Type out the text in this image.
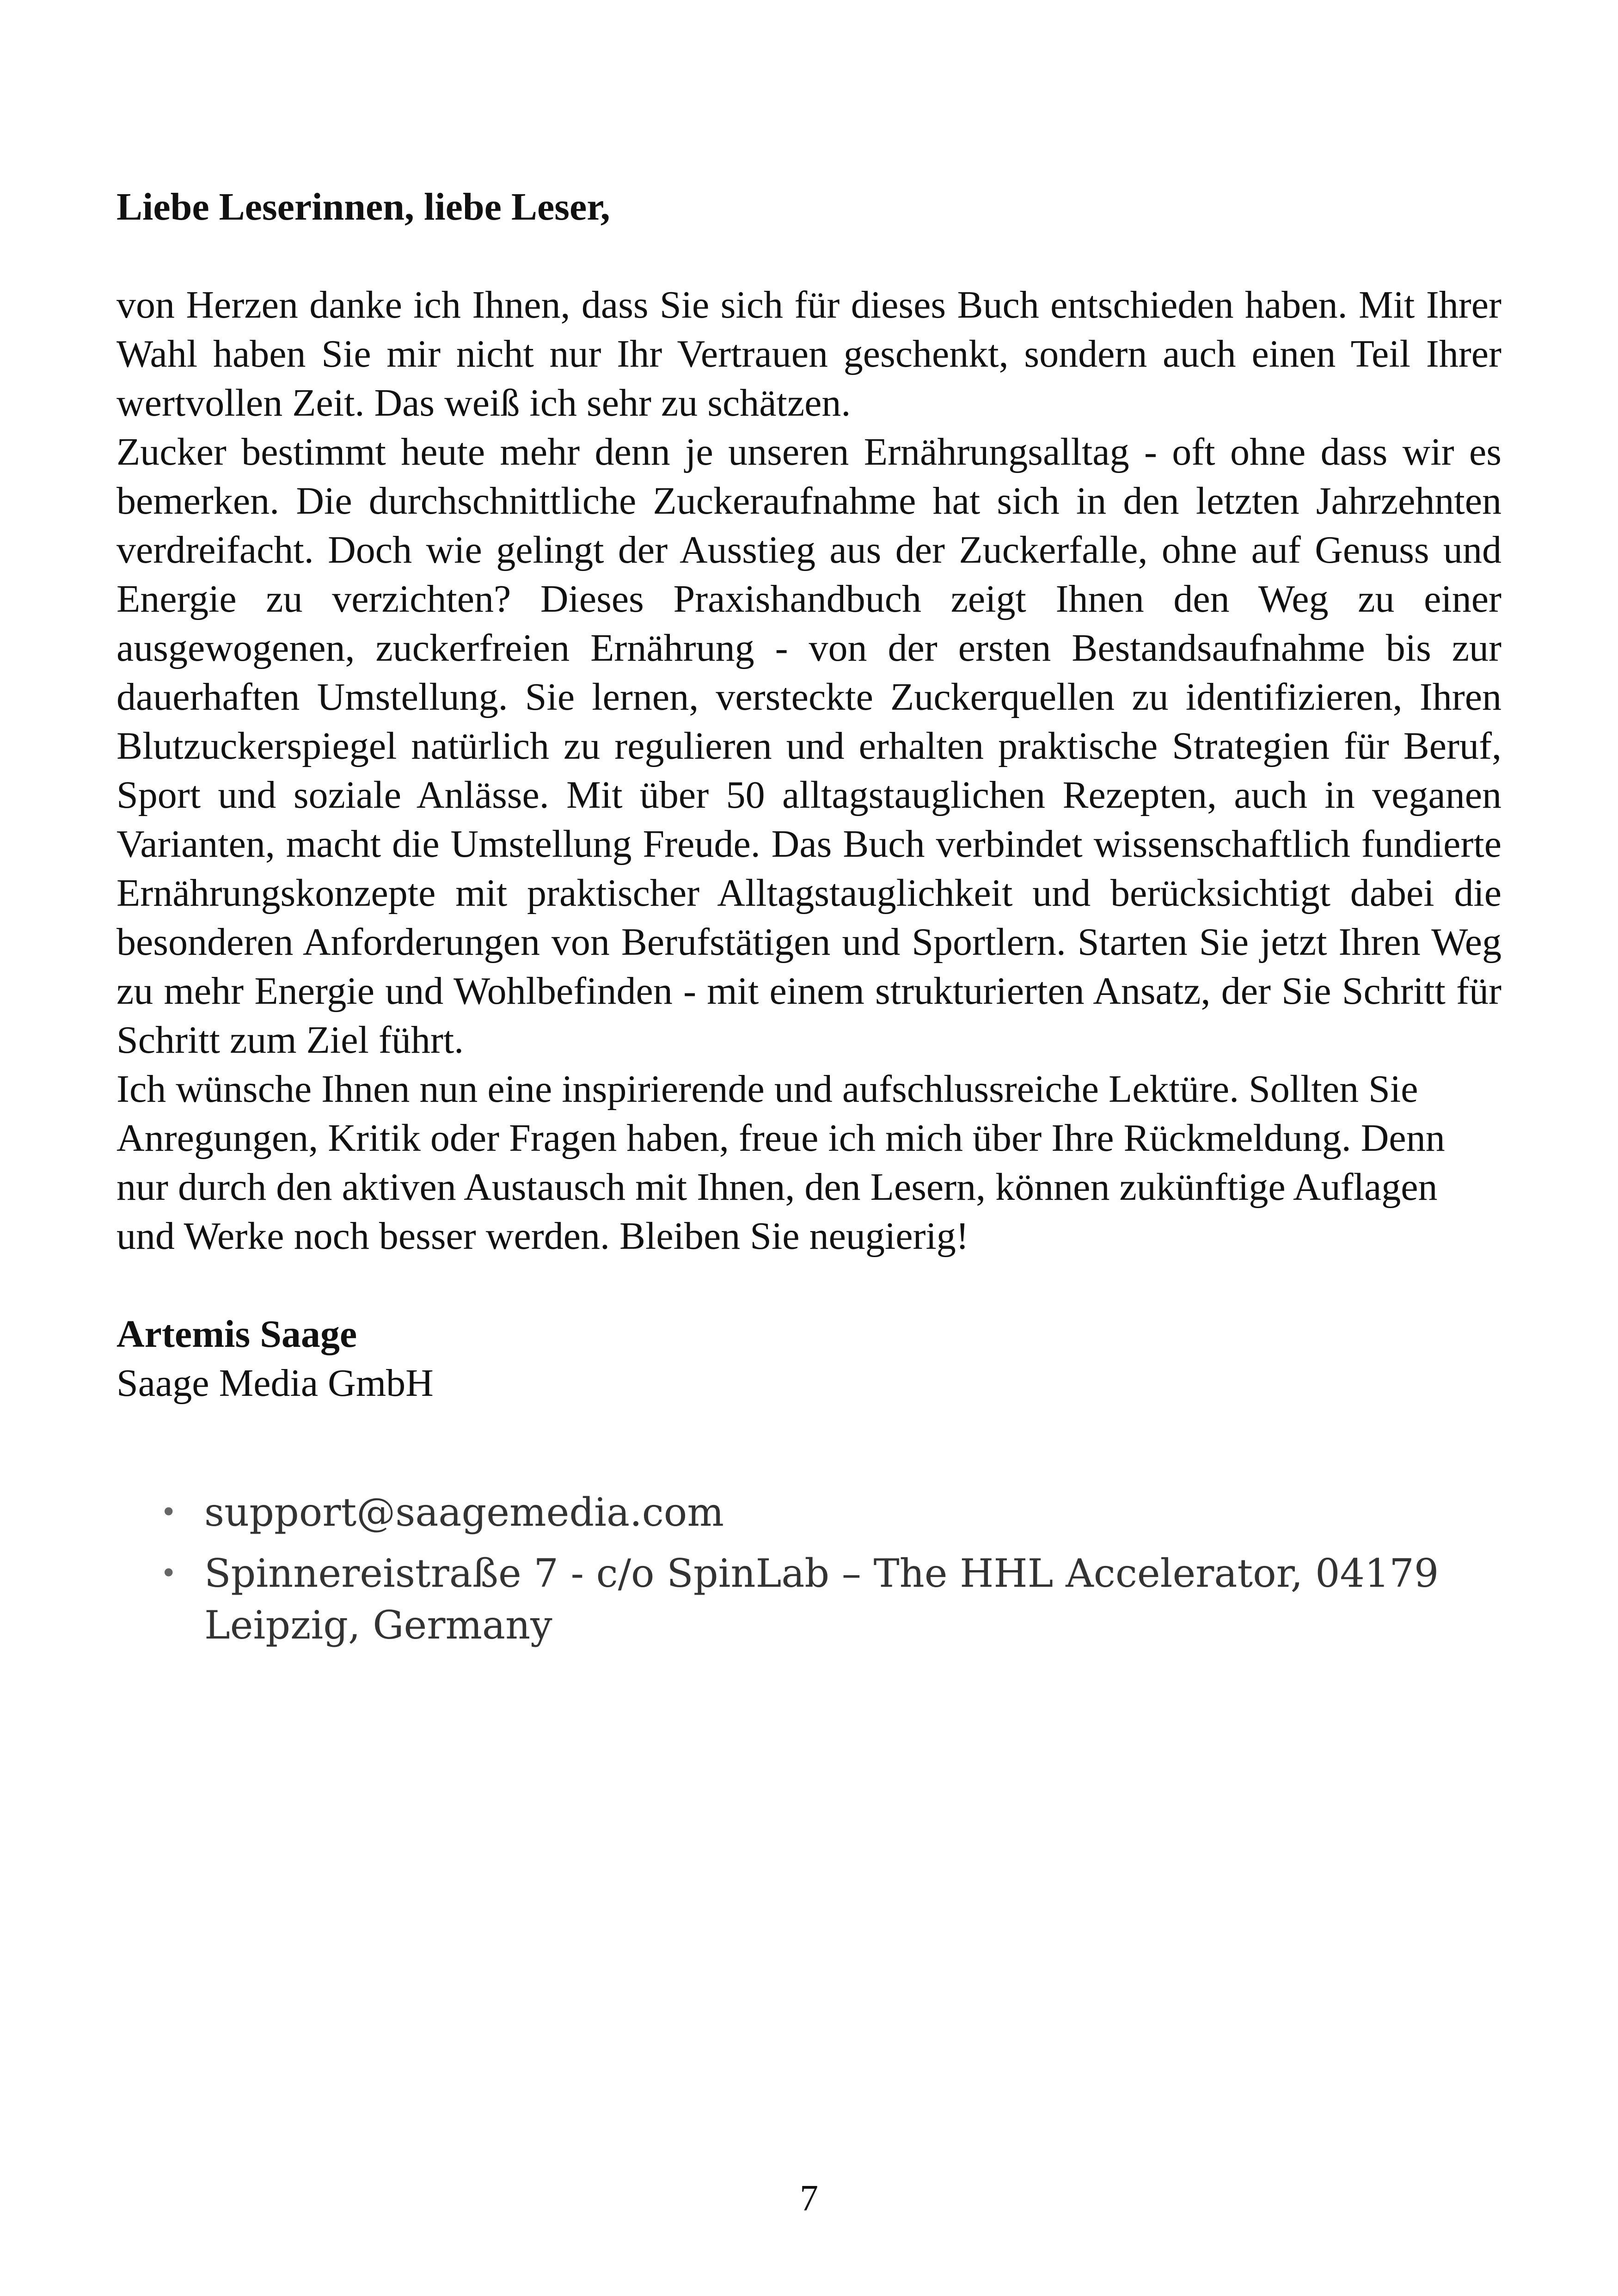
Liebe Leserinnen, liebe Leser,

von Herzen danke ich Ihnen, dass Sie sich für dieses Buch entschieden haben. Mit Ihrer Wahl haben Sie mir nicht nur Ihr Vertrauen geschenkt, sondern auch einen Teil Ihrer wertvollen Zeit. Das weiß ich sehr zu schätzen.

Zucker bestimmt heute mehr denn je unseren Ernährungsalltag - oft ohne dass wir es bemerken. Die durchschnittliche Zuckeraufnahme hat sich in den letzten Jahrzehnten verdreifacht. Doch wie gelingt der Ausstieg aus der Zuckerfalle, ohne auf Genuss und Energie zu verzichten? Dieses Praxishandbuch zeigt Ihnen den Weg zu einer ausgewogenen, zuckerfreien Ernährung - von der ersten Bestandsaufnahme bis zur dauerhaften Umstellung. Sie lernen, versteckte Zuckerquellen zu identifizieren, Ihren Blutzuckerspiegel natürlich zu regulieren und erhalten praktische Strategien für Beruf, Sport und soziale Anlässe. Mit über 50 alltagstauglichen Rezepten, auch in veganen Varianten, macht die Umstellung Freude. Das Buch verbindet wissenschaftlich fundierte Ernährungskonzepte mit praktischer Alltagstauglichkeit und berücksichtigt dabei die besonderen Anforderungen von Berufstätigen und Sportlern. Starten Sie jetzt Ihren Weg zu mehr Energie und Wohlbefinden - mit einem strukturierten Ansatz, der Sie Schritt für Schritt zum Ziel führt.

Ich wünsche Ihnen nun eine inspirierende und aufschlussreiche Lektüre. Sollten Sie Anregungen, Kritik oder Fragen haben, freue ich mich über Ihre Rückmeldung. Denn nur durch den aktiven Austausch mit Ihnen, den Lesern, können zukünftige Auflagen und Werke noch besser werden. Bleiben Sie neugierig!

Artemis Saage

Saage Media GmbH

• support@saagemedia.com
• Spinnereistraße 7 - c/o SpinLab – The HHL Accelerator, 04179 Leipzig, Germany
7
